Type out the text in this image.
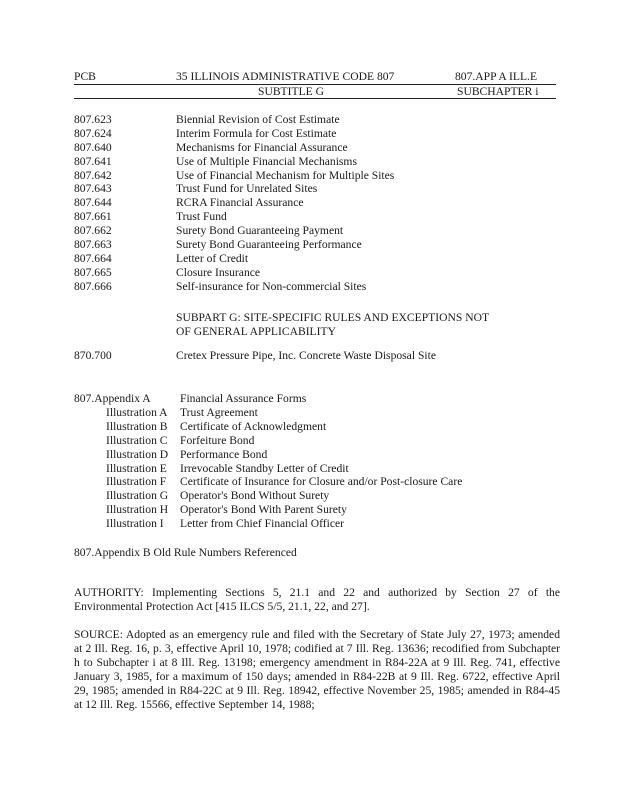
PCB	35 ILLINOIS ADMINISTRATIVE CODE 807	807.APP A ILL.E
SUBTITLE G	SUBCHAPTER i
807.623	Biennial Revision of Cost Estimate
807.624	Interim Formula for Cost Estimate
807.640	Mechanisms for Financial Assurance
807.641	Use of Multiple Financial Mechanisms
807.642	Use of Financial Mechanism for Multiple Sites
807.643	Trust Fund for Unrelated Sites
807.644	RCRA Financial Assurance
807.661	Trust Fund
807.662	Surety Bond Guaranteeing Payment
807.663	Surety Bond Guaranteeing Performance
807.664	Letter of Credit
807.665	Closure Insurance
807.666	Self-insurance for Non-commercial Sites
SUBPART G: SITE-SPECIFIC RULES AND EXCEPTIONS NOT
OF GENERAL APPLICABILITY
870.700	Cretex Pressure Pipe, Inc. Concrete Waste Disposal Site
807.Appendix A	Financial Assurance Forms
Illustration A Trust Agreement
Illustration B Certificate of Acknowledgment
Illustration C Forfeiture Bond
Illustration D Performance Bond
Illustration E Irrevocable Standby Letter of Credit
Illustration F Certificate of Insurance for Closure and/or Post-closure Care
Illustration G Operator's Bond Without Surety
Illustration H Operator's Bond With Parent Surety
Illustration I Letter from Chief Financial Officer
807.Appendix B Old Rule Numbers Referenced
AUTHORITY: Implementing Sections 5, 21.1 and 22 and authorized by Section 27 of the Environmental Protection Act [415 ILCS 5/5, 21.1, 22, and 27].
SOURCE: Adopted as an emergency rule and filed with the Secretary of State July 27, 1973; amended at 2 Ill. Reg. 16, p. 3, effective April 10, 1978; codified at 7 Ill. Reg. 13636; recodified from Subchapter h to Subchapter i at 8 Ill. Reg. 13198; emergency amendment in R84-22A at 9 Ill. Reg. 741, effective January 3, 1985, for a maximum of 150 days; amended in R84-22B at 9 Ill. Reg. 6722, effective April 29, 1985; amended in R84-22C at 9 Ill. Reg. 18942, effective November 25, 1985; amended in R84-45 at 12 Ill. Reg. 15566, effective September 14, 1988;
